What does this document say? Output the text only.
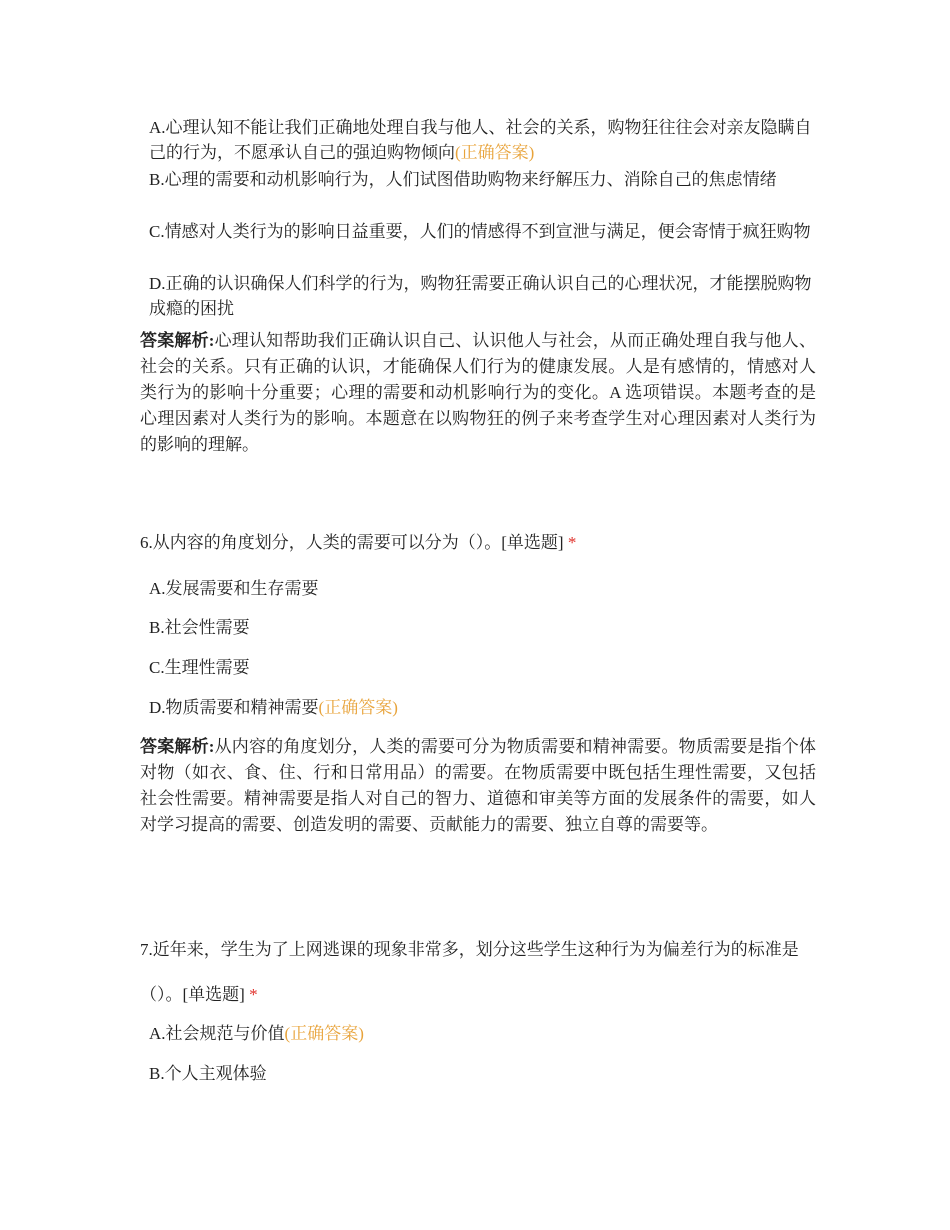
A.心理认知不能让我们正确地处理自我与他人、社会的关系，购物狂往往会对亲友隐瞒自己的行为，不愿承认自己的强迫购物倾向(正确答案)
B.心理的需要和动机影响行为，人们试图借助购物来纾解压力、消除自己的焦虑情绪
C.情感对人类行为的影响日益重要，人们的情感得不到宣泄与满足，便会寄情于疯狂购物
D.正确的认识确保人们科学的行为，购物狂需要正确认识自己的心理状况，才能摆脱购物成瘾的困扰
答案解析:心理认知帮助我们正确认识自己、认识他人与社会，从而正确处理自我与他人、社会的关系。只有正确的认识，才能确保人们行为的健康发展。人是有感情的，情感对人类行为的影响十分重要；心理的需要和动机影响行为的变化。A 选项错误。本题考查的是心理因素对人类行为的影响。本题意在以购物狂的例子来考查学生对心理因素对人类行为的影响的理解。
6.从内容的角度划分，人类的需要可以分为（）。[单选题] *
A.发展需要和生存需要
B.社会性需要
C.生理性需要
D.物质需要和精神需要(正确答案)
答案解析:从内容的角度划分，人类的需要可分为物质需要和精神需要。物质需要是指个体对物（如衣、食、住、行和日常用品）的需要。在物质需要中既包括生理性需要，又包括社会性需要。精神需要是指人对自己的智力、道德和审美等方面的发展条件的需要，如人对学习提高的需要、创造发明的需要、贡献能力的需要、独立自尊的需要等。
7.近年来，学生为了上网逃课的现象非常多，划分这些学生这种行为为偏差行为的标准是（）。[单选题] *
A.社会规范与价值(正确答案)
B.个人主观体验
